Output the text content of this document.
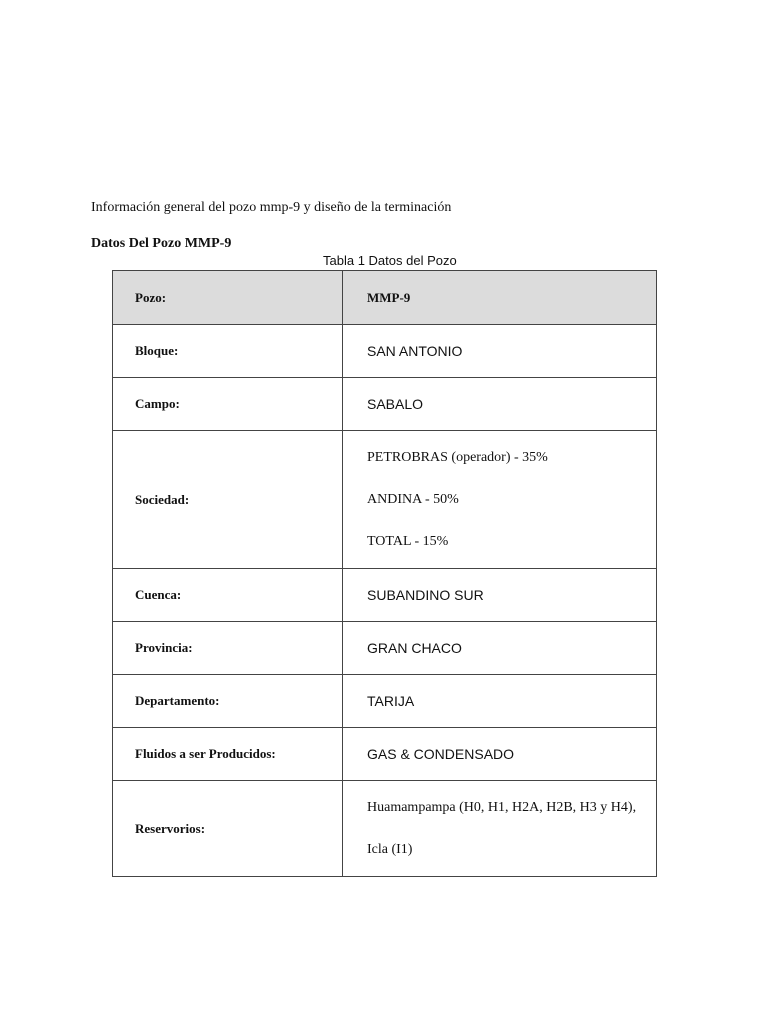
Información general del pozo mmp-9 y diseño de la terminación
Datos Del Pozo MMP-9
Tabla 1 Datos del Pozo
Pozo:	MMP-9
Bloque:	SAN ANTONIO
Campo:	SABALO
Sociedad:	PETROBRAS (operador) - 35%
ANDINA - 50%
TOTAL - 15%

Cuenca:	SUBANDINO SUR
Provincia:	GRAN CHACO
Departamento:	TARIJA
Fluidos a ser Producidos:	GAS & CONDENSADO
Reservorios:	Huamampampa (H0, H1, H2A, H2B, H3 y H4),
Icla (I1)
